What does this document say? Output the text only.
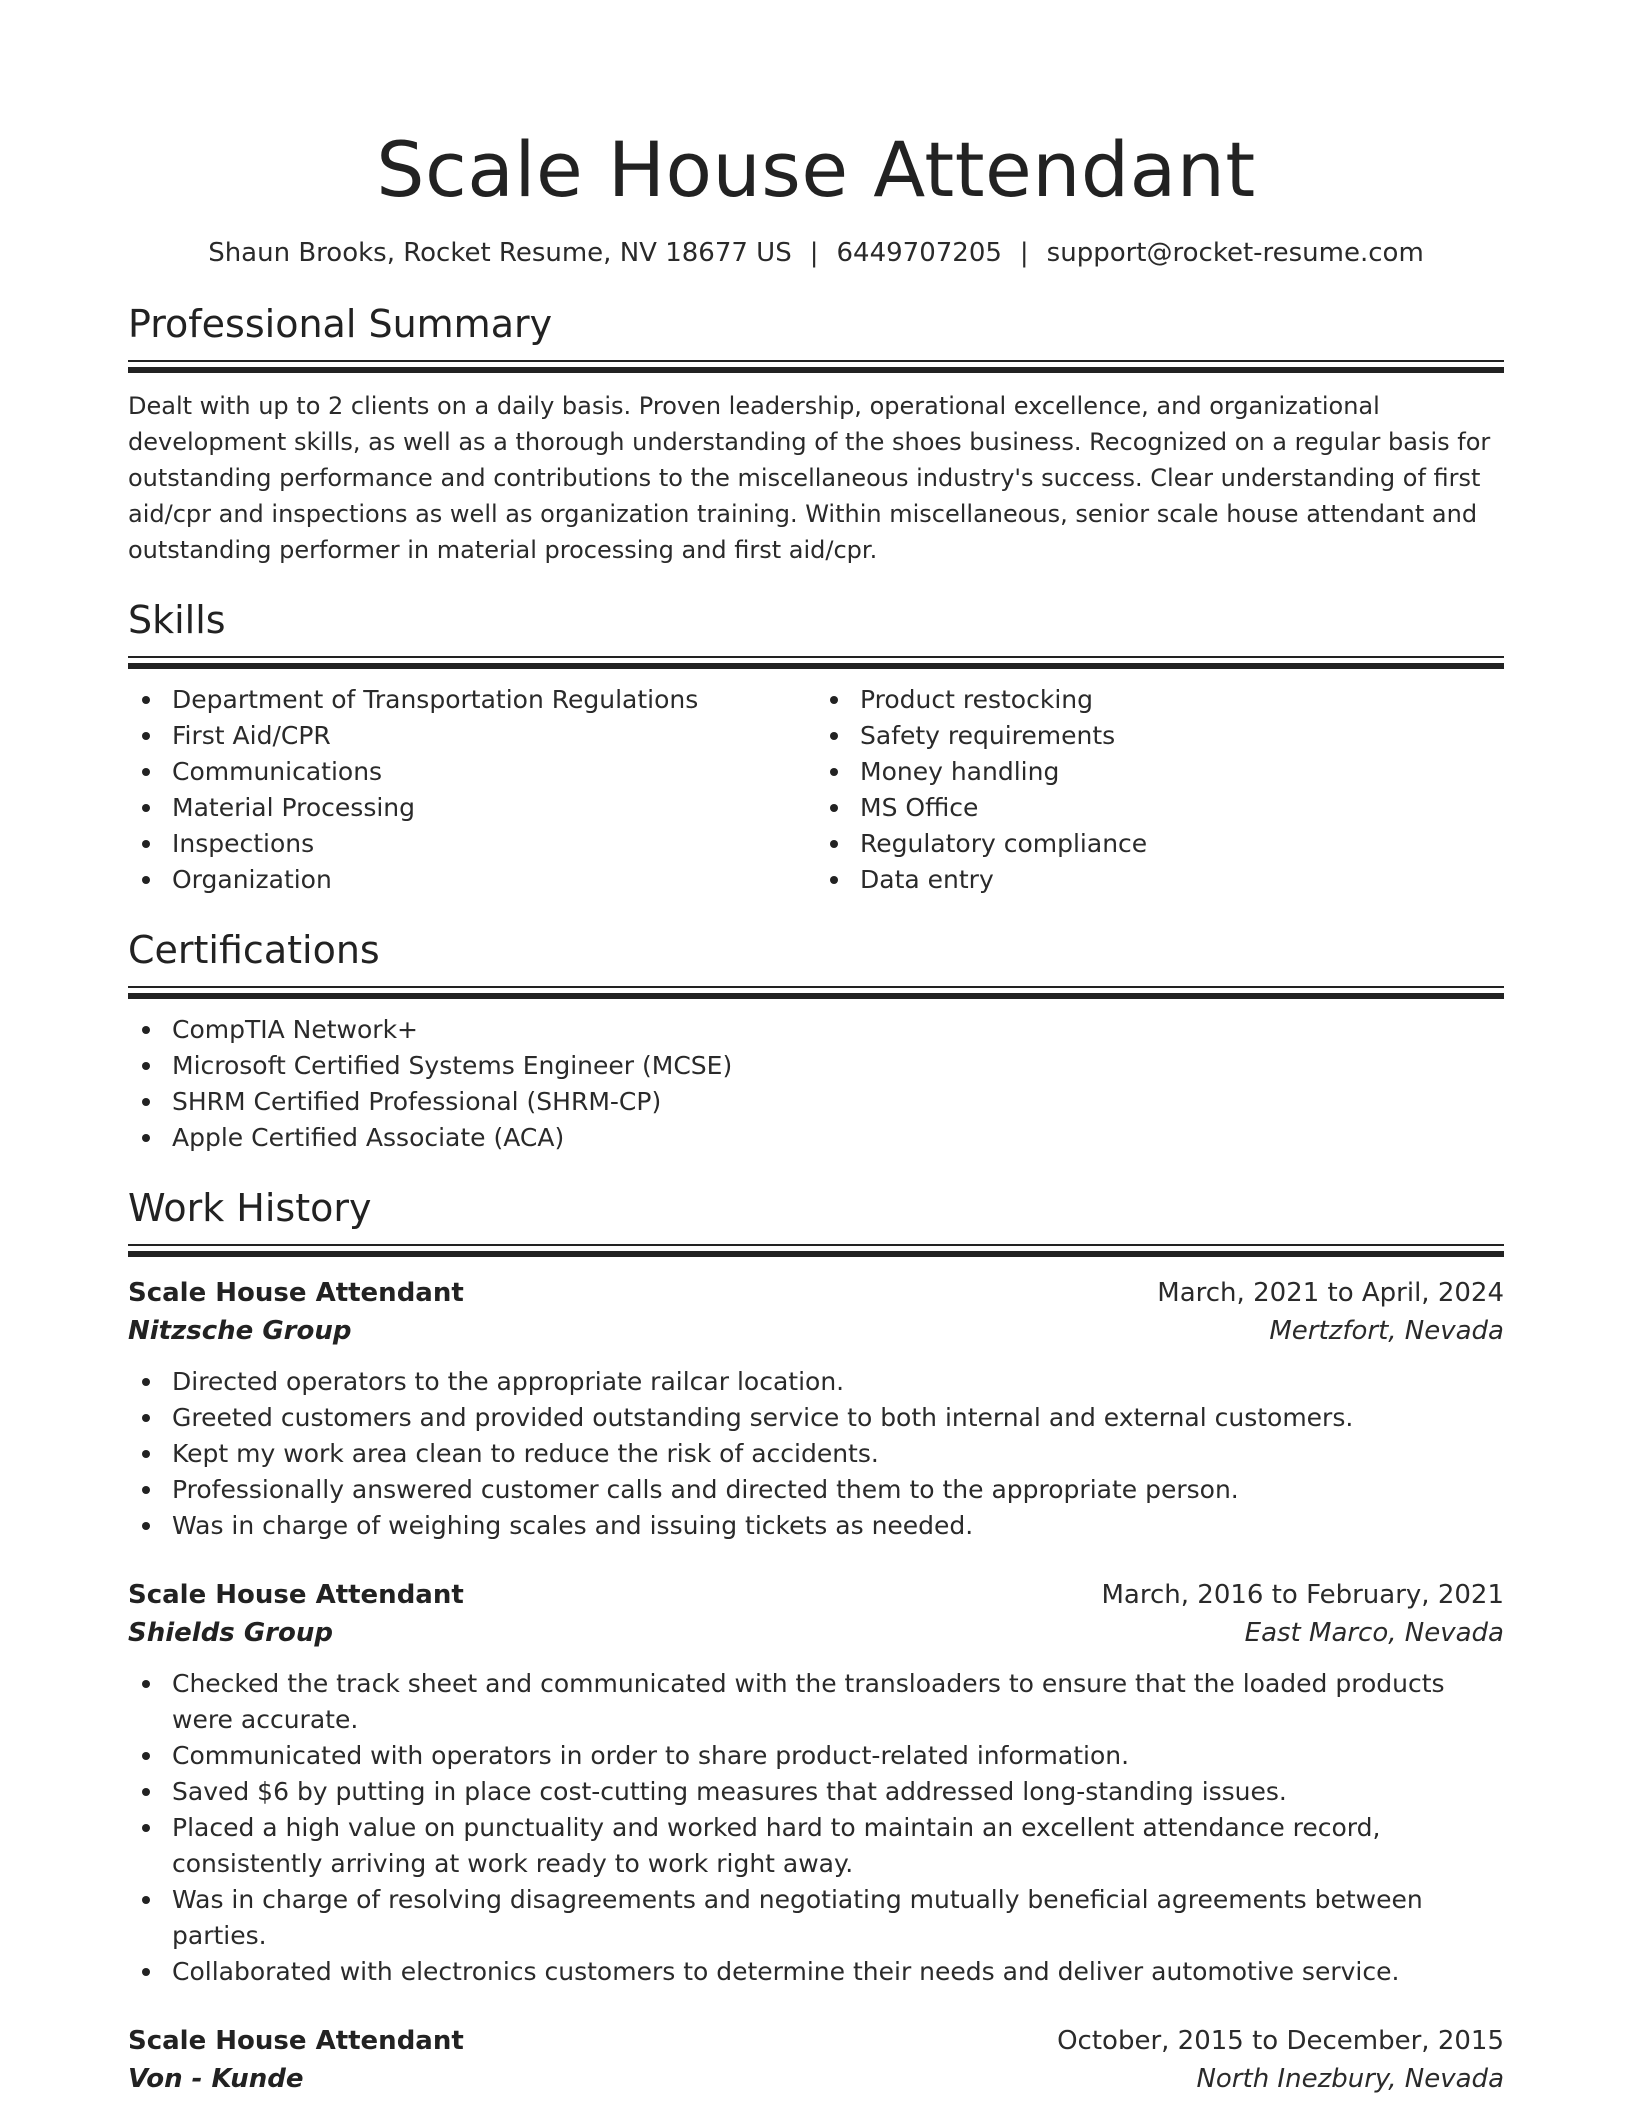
Scale House Attendant
Shaun Brooks, Rocket Resume, NV 18677 US | 6449707205 | support@rocket-resume.com
Professional Summary

Dealt with up to 2 clients on a daily basis. Proven leadership, operational excellence, and organizational development skills, as well as a thorough understanding of the shoes business. Recognized on a regular basis for outstanding performance and contributions to the miscellaneous industry's success. Clear understanding of first aid/cpr and inspections as well as organization training. Within miscellaneous, senior scale house attendant and outstanding performer in material processing and first aid/cpr.

Skills
Department of Transportation Regulations
First Aid/CPR
Communications
Material Processing
Inspections
Organization
Product restocking
Safety requirements
Money handling
MS Office
Regulatory compliance
Data entry
Certifications
CompTIA Network+
Microsoft Certified Systems Engineer (MCSE)
SHRM Certified Professional (SHRM-CP)
Apple Certified Associate (ACA)
Work History
Scale House Attendant	March, 2021 to April, 2024
Nitzsche Group	Mertzfort, Nevada
Directed operators to the appropriate railcar location.
Greeted customers and provided outstanding service to both internal and external customers.
Kept my work area clean to reduce the risk of accidents.
Professionally answered customer calls and directed them to the appropriate person.
Was in charge of weighing scales and issuing tickets as needed.
Scale House Attendant	March, 2016 to February, 2021
Shields Group	East Marco, Nevada
Checked the track sheet and communicated with the transloaders to ensure that the loaded products were accurate.
Communicated with operators in order to share product-related information.
Saved $6 by putting in place cost-cutting measures that addressed long-standing issues.
Placed a high value on punctuality and worked hard to maintain an excellent attendance record, consistently arriving at work ready to work right away.
Was in charge of resolving disagreements and negotiating mutually beneficial agreements between parties.
Collaborated with electronics customers to determine their needs and deliver automotive service.
Scale House Attendant	October, 2015 to December, 2015
Von - Kunde	North Inezbury, Nevada
